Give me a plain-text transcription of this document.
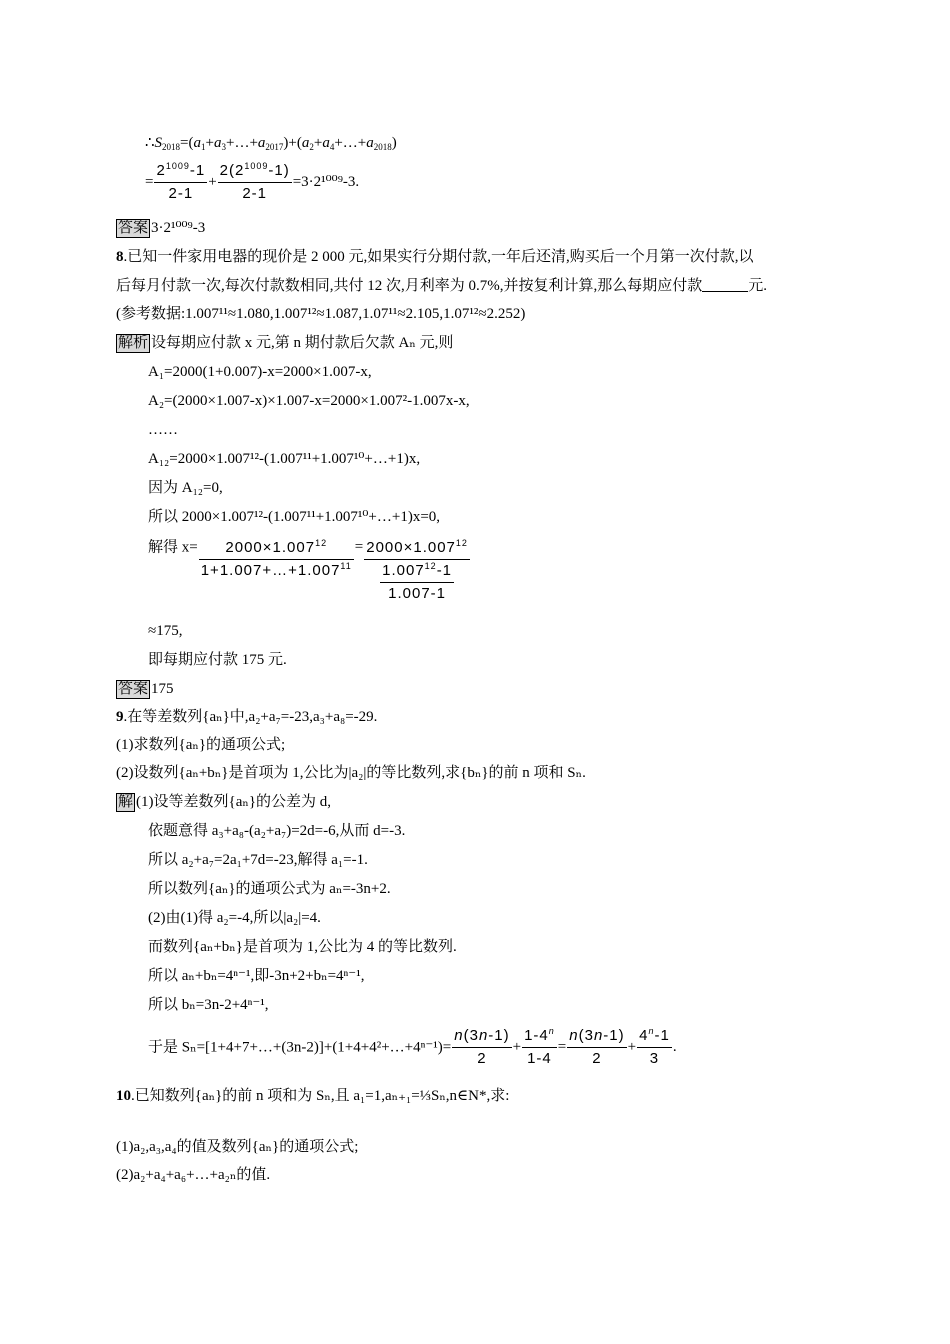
$\therefore S_{2018}=(a_1+a_3+\dots+a_{2017})+(a_2+a_4+\dots+a_{2018})$
= $\frac{2^{1009}-1}{2-1} + \frac{2(2^{1009}-1)}{2-1} =3\cdot 2^{1009}-3$.
答案 3·2¹⁰⁰⁹-3
8.已知一件家用电器的现价是 2 000 元,如果实行分期付款,一年后还清,购买后一个月第一次付款,以
后每月付款一次,每次付款数相同,共付 12 次,月利率为 0.7%,并按复利计算,那么每期应付款	元.
(参考数据:1.007¹¹≈1.080,1.007¹²≈1.087,1.07¹¹≈2.105,1.07¹²≈2.252)
解析 设每期应付款 x 元,第 n 期付款后欠款 Aₙ 元,则
A₁=2000(1+0.007)-x=2000×1.007-x,
A₂=(2000×1.007-x)×1.007-x=2000×1.007²-1.007x-x,
……
A₁₂=2000×1.007¹²-(1.007¹¹+1.007¹⁰+…+1)x,
因为 A₁₂=0,
所以 2000×1.007¹²-(1.007¹¹+1.007¹⁰+…+1)x=0,
解得 $x= \frac{2000\times 1.007^{12}}{1+1.007+\dots+1.007^{11}} = \frac{2000\times 1.007^{12}}{\frac{1.007^{12}-1}{1.007-1}}$
≈175,
即每期应付款 175 元.
答案 175
9.在等差数列{aₙ}中,a₂+a₇=-23,a₃+a₈=-29.
(1)求数列{aₙ}的通项公式;
(2)设数列{aₙ+bₙ}是首项为 1,公比为|a₂|的等比数列,求{bₙ}的前 n 项和 Sₙ.
解 (1)设等差数列{aₙ}的公差为 d,
依题意得 a₃+a₈-(a₂+a₇)=2d=-6,从而 d=-3.
所以 a₂+a₇=2a₁+7d=-23,解得 a₁=-1.
所以数列{aₙ}的通项公式为 aₙ=-3n+2.
(2)由(1)得 a₂=-4,所以|a₂|=4.
而数列{aₙ+bₙ}是首项为 1,公比为 4 的等比数列.
所以 aₙ+bₙ=4ⁿ⁻¹,即-3n+2+bₙ=4ⁿ⁻¹,
所以 bₙ=3n-2+4ⁿ⁻¹,
于是 Sₙ=[1+4+7+…+(3n-2)]+(1+4+4²+…+4ⁿ⁻¹)= $\frac{n(3n-1)}{2} + \frac{1-4^n}{1-4} = \frac{n(3n-1)}{2} + \frac{4^n-1}{3}$ .
10.已知数列{aₙ}的前 n 项和为 Sₙ,且 a₁=1,aₙ₊₁=⅓Sₙ,n∈N*,求:
(1)a₂,a₃,a₄的值及数列{aₙ}的通项公式;
(2)a₂+a₄+a₆+…+a₂ₙ的值.
